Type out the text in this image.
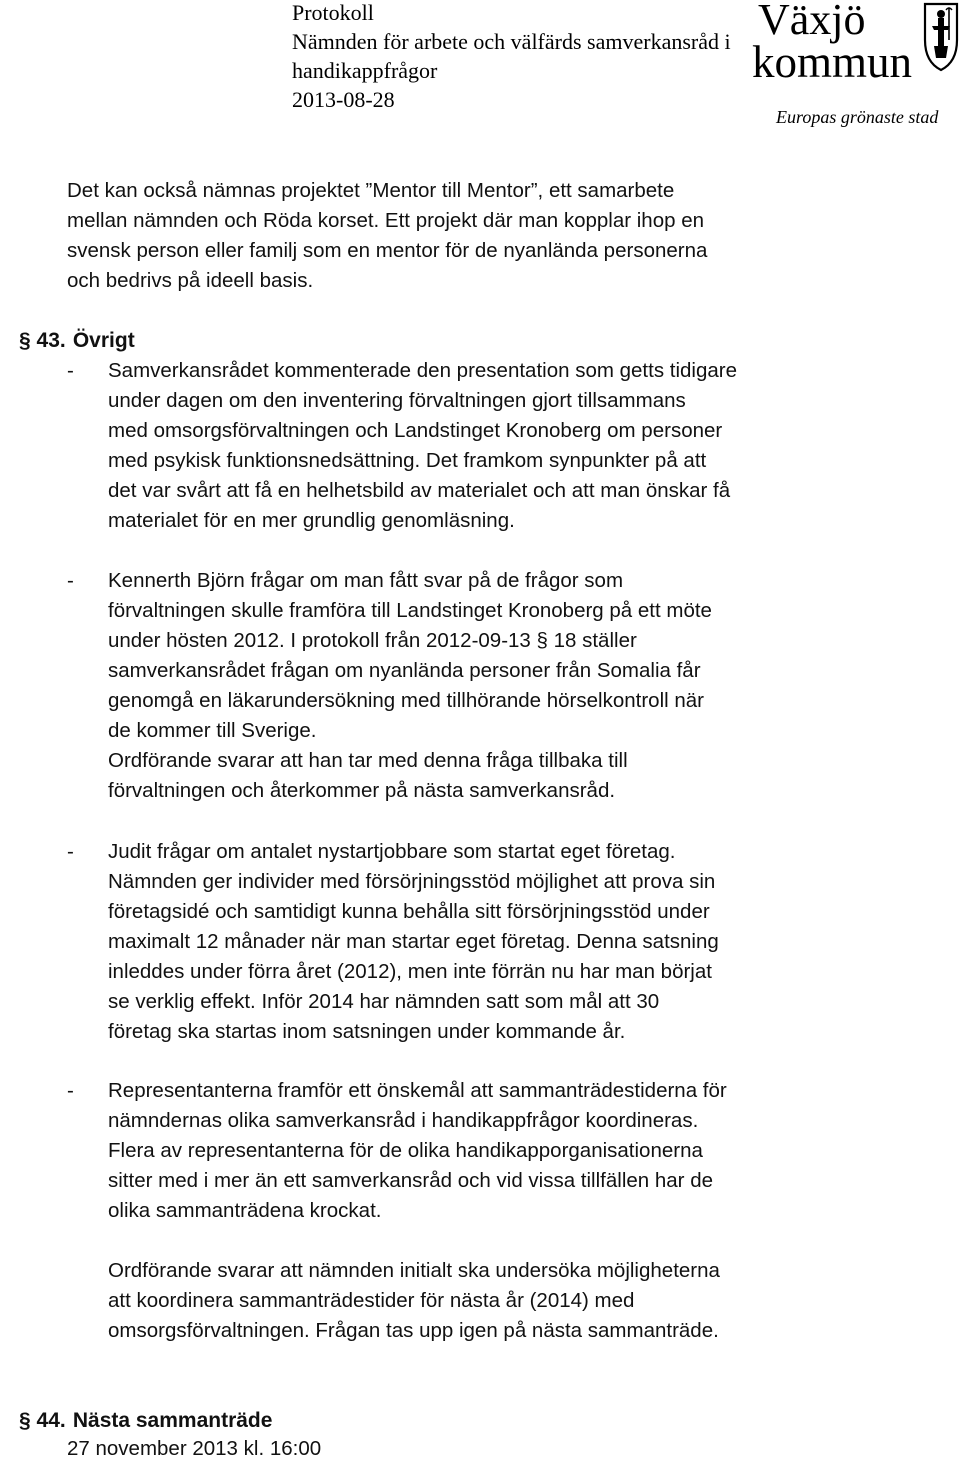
Protokoll
Nämnden för arbete och välfärds samverkansråd i
handikappfrågor
2013-08-28
Växjö
kommun
Europas grönaste stad
Det kan också nämnas projektet ”Mentor till Mentor”, ett samarbete
mellan nämnden och Röda korset. Ett projekt där man kopplar ihop en
svensk person eller familj som en mentor för de nyanlända personerna
och bedrivs på ideell basis.
§ 43. Övrigt
- Samverkansrådet kommenterade den presentation som getts tidigare
under dagen om den inventering förvaltningen gjort tillsammans
med omsorgsförvaltningen och Landstinget Kronoberg om personer
med psykisk funktionsnedsättning. Det framkom synpunkter på att
det var svårt att få en helhetsbild av materialet och att man önskar få
materialet för en mer grundlig genomläsning.
- Kennerth Björn frågar om man fått svar på de frågor som
förvaltningen skulle framföra till Landstinget Kronoberg på ett möte
under hösten 2012. I protokoll från 2012-09-13 § 18 ställer
samverkansrådet frågan om nyanlända personer från Somalia får
genomgå en läkarundersökning med tillhörande hörselkontroll när
de kommer till Sverige.
Ordförande svarar att han tar med denna fråga tillbaka till
förvaltningen och återkommer på nästa samverkansråd.
- Judit frågar om antalet nystartjobbare som startat eget företag.
Nämnden ger individer med försörjningsstöd möjlighet att prova sin
företagsidé och samtidigt kunna behålla sitt försörjningsstöd under
maximalt 12 månader när man startar eget företag. Denna satsning
inleddes under förra året (2012), men inte förrän nu har man börjat
se verklig effekt. Inför 2014 har nämnden satt som mål att 30
företag ska startas inom satsningen under kommande år.
- Representanterna framför ett önskemål att sammanträdestiderna för
nämndernas olika samverkansråd i handikappfrågor koordineras.
Flera av representanterna för de olika handikapporganisationerna
sitter med i mer än ett samverkansråd och vid vissa tillfällen har de
olika sammanträdena krockat.
Ordförande svarar att nämnden initialt ska undersöka möjligheterna
att koordinera sammanträdestider för nästa år (2014) med
omsorgsförvaltningen. Frågan tas upp igen på nästa sammanträde.
§ 44. Nästa sammanträde
27 november 2013 kl. 16:00
